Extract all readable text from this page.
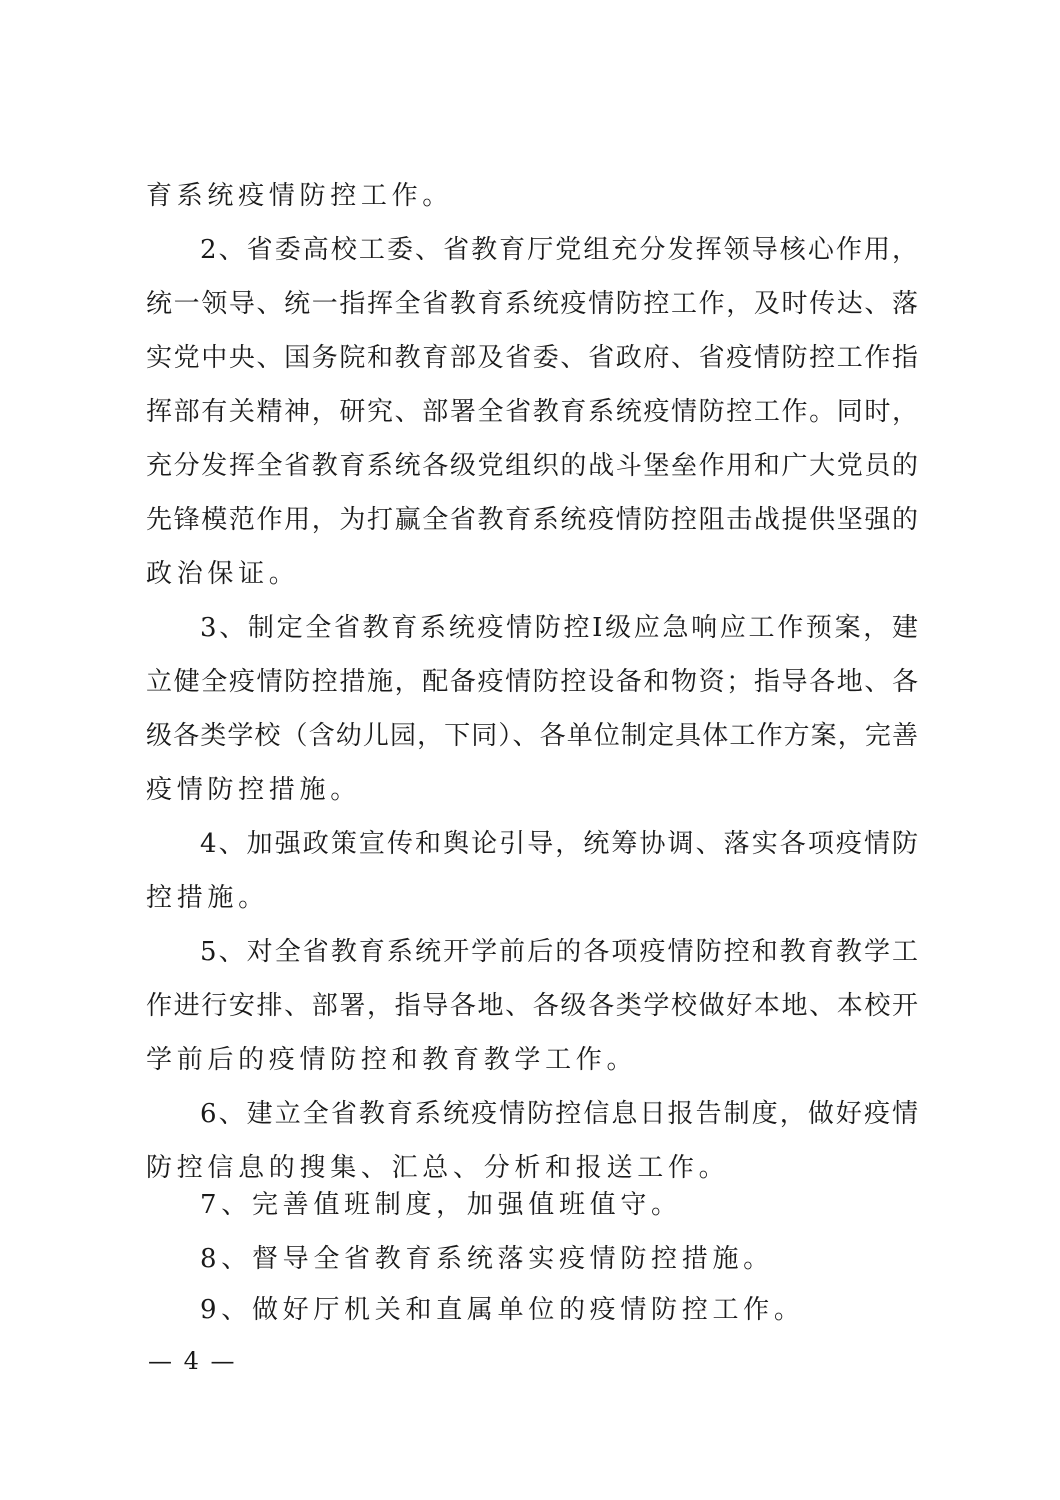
育系统疫情防控工作。
2、省委高校工委、省教育厅党组充分发挥领导核心作用，
统一领导、统一指挥全省教育系统疫情防控工作，及时传达、落
实党中央、国务院和教育部及省委、省政府、省疫情防控工作指
挥部有关精神，研究、部署全省教育系统疫情防控工作。同时，
充分发挥全省教育系统各级党组织的战斗堡垒作用和广大党员的
先锋模范作用，为打赢全省教育系统疫情防控阻击战提供坚强的
政治保证。
3、制定全省教育系统疫情防控Ⅰ级应急响应工作预案，建
立健全疫情防控措施，配备疫情防控设备和物资；指导各地、各
级各类学校（含幼儿园，下同）、各单位制定具体工作方案，完善
疫情防控措施。
4、加强政策宣传和舆论引导，统筹协调、落实各项疫情防
控措施。
5、对全省教育系统开学前后的各项疫情防控和教育教学工
作进行安排、部署，指导各地、各级各类学校做好本地、本校开
学前后的疫情防控和教育教学工作。
6、建立全省教育系统疫情防控信息日报告制度，做好疫情
防控信息的搜集、汇总、分析和报送工作。
7、完善值班制度，加强值班值守。
8、督导全省教育系统落实疫情防控措施。
9、做好厅机关和直属单位的疫情防控工作。
— 4 —
